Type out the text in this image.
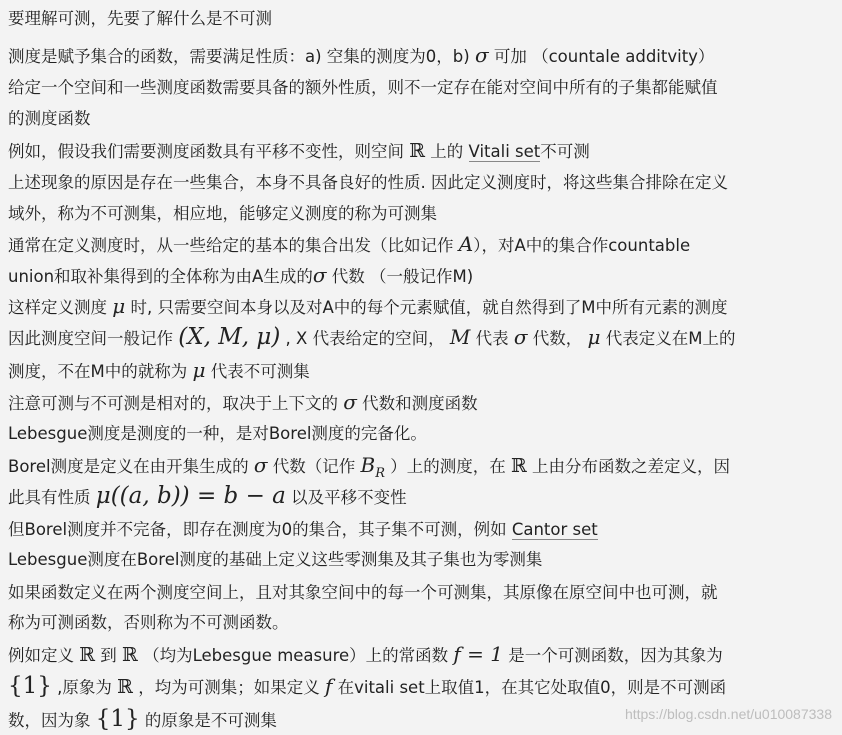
要理解可测，先要了解什么是不可测
测度是赋予集合的函数，需要满足性质：a) 空集的测度为0，b) σ 可加 （countale additvity）
给定一个空间和一些测度函数需要具备的额外性质，则不一定存在能对空间中所有的子集都能赋值
的测度函数
例如，假设我们需要测度函数具有平移不变性，则空间 ℝ 上的 Vitali set不可测
上述现象的原因是存在一些集合，本身不具备良好的性质. 因此定义测度时，将这些集合排除在定义
域外，称为不可测集，相应地，能够定义测度的称为可测集
通常在定义测度时，从一些给定的基本的集合出发（比如记作 A），对A中的集合作countable
union和取补集得到的全体称为由A生成的σ 代数 （一般记作M)
这样定义测度 μ 时, 只需要空间本身以及对A中的每个元素赋值，就自然得到了M中所有元素的测度
因此测度空间一般记作 (X, M, μ) , X 代表给定的空间， M 代表 σ 代数， μ 代表定义在M上的
测度，不在M中的就称为 μ 代表不可测集
注意可测与不可测是相对的，取决于上下文的 σ 代数和测度函数
Lebesgue测度是测度的一种，是对Borel测度的完备化。
Borel测度是定义在由开集生成的 σ 代数（记作 $B_R$ ）上的测度，在 ℝ 上由分布函数之差定义，因
此具有性质 μ((a, b)) = b − a 以及平移不变性
但Borel测度并不完备，即存在测度为0的集合，其子集不可测，例如 Cantor set
Lebesgue测度在Borel测度的基础上定义这些零测集及其子集也为零测集
如果函数定义在两个测度空间上，且对其象空间中的每一个可测集，其原像在原空间中也可测，就
称为可测函数，否则称为不可测函数。
例如定义 ℝ 到 ℝ （均为Lebesgue measure）上的常函数 f = 1 是一个可测函数，因为其象为
{1} ,原象为 ℝ ，均为可测集；如果定义 f 在vitali set上取值1，在其它处取值0，则是不可测函
数，因为象 {1} 的原象是不可测集	https://blog.csdn.net/u010087338
